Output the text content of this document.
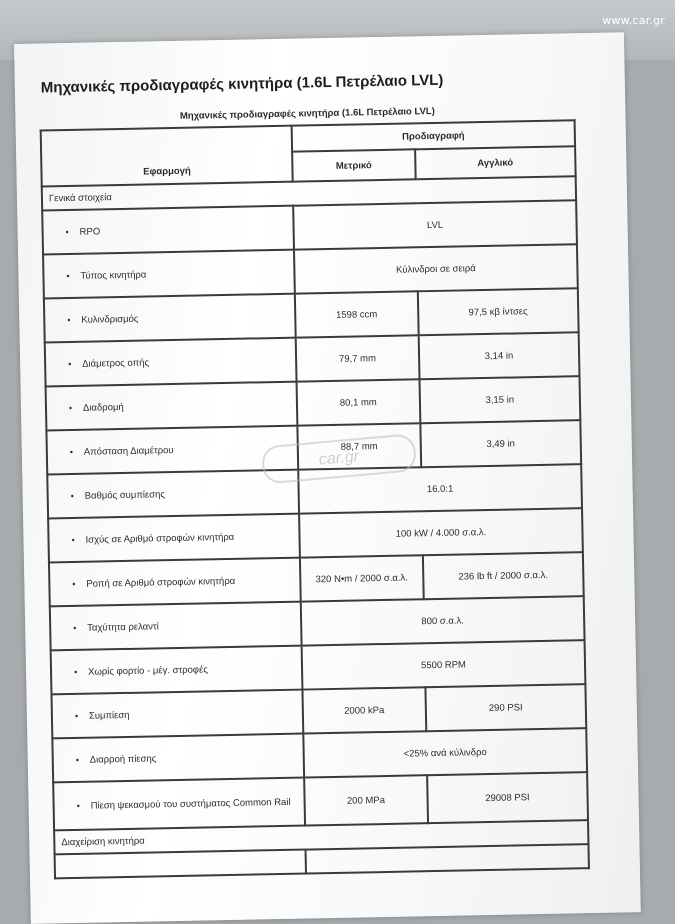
www.car.gr
Μηχανικές προδιαγραφές κινητήρα (1.6L Πετρέλαιο LVL)
Μηχανικές προδιαγραφές κινητήρα (1.6L Πετρέλαιο LVL)
Εφαρμογή	Προδιαγραφή	
	Μετρικό	Αγγλικό
Γενικά στοιχεία		
• RPO	LVL	
• Τύπος κινητήρα	Κύλινδροι σε σειρά	
• Κυλινδρισμός	1598 ccm	97,5 κβ ίντσες
• Διάμετρος οπής	79,7 mm	3,14 in
• Διαδρομή	80,1 mm	3,15 in
• Απόσταση Διαμέτρου	88,7 mm	3,49 in
• Βαθμός συμπίεσης	16.0:1	
• Ισχύς σε Αριθμό στροφών κινητήρα	100 kW / 4.000 σ.α.λ.	
• Ροπή σε Αριθμό στροφών κινητήρα	320 N•m / 2000 σ.α.λ.	236 lb ft / 2000 σ.α.λ.
• Ταχύτητα ρελαντί	800 σ.α.λ.	
• Χωρίς φορτίο - μέγ. στροφές	5500 RPM	
• Συμπίεση	2000 kPa	290 PSI
• Διαρροή πίεσης	<25% ανά κύλινδρο	
• Πίεση ψεκασμού του συστήματος Common Rail	200 MPa	29008 PSI
Διαχείριση κινητήρα		

car.gr
